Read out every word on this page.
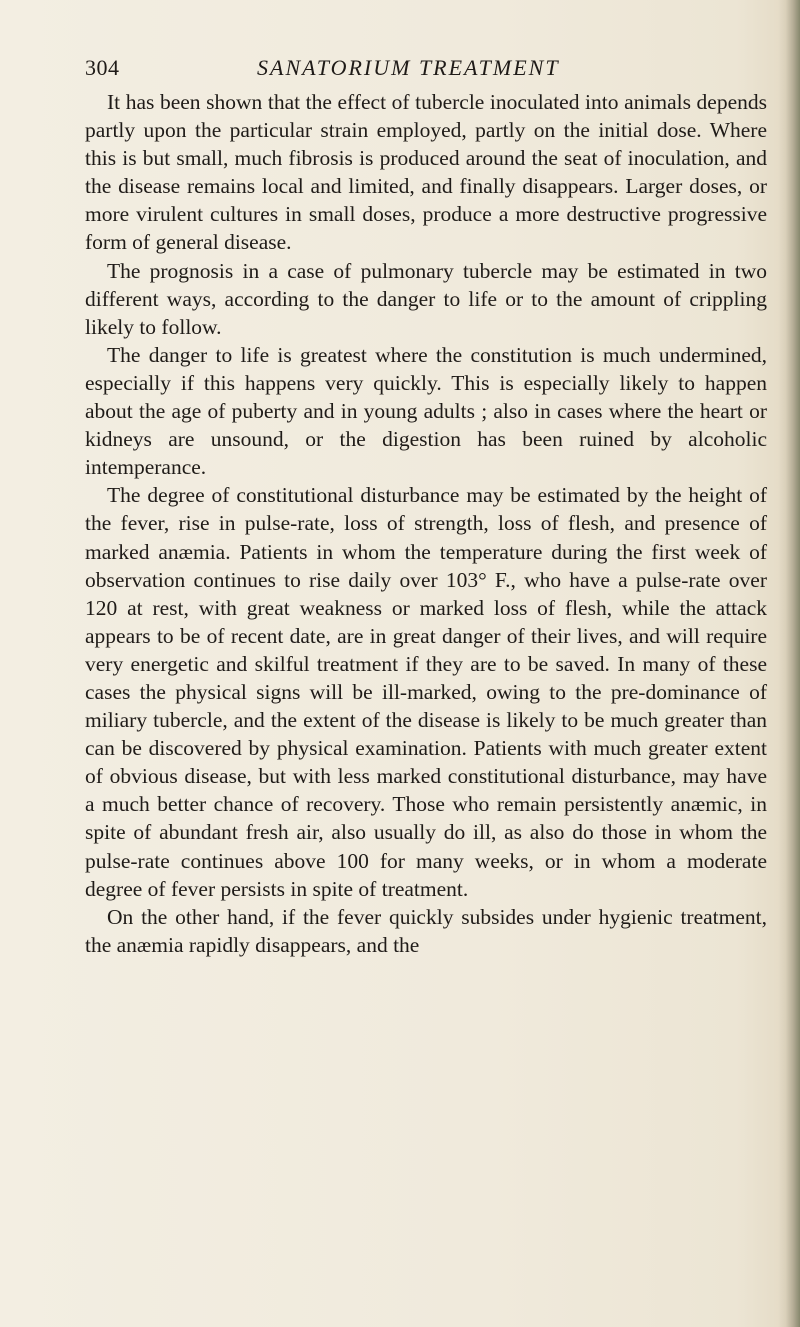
304	SANATORIUM TREATMENT

It has been shown that the effect of tubercle inoculated into animals depends partly upon the particular strain employed, partly on the initial dose. Where this is but small, much fibrosis is produced around the seat of inoculation, and the disease remains local and limited, and finally disappears. Larger doses, or more virulent cultures in small doses, produce a more destructive progressive form of general disease.

The prognosis in a case of pulmonary tubercle may be estimated in two different ways, according to the danger to life or to the amount of crippling likely to follow.

The danger to life is greatest where the constitution is much undermined, especially if this happens very quickly. This is especially likely to happen about the age of puberty and in young adults ; also in cases where the heart or kidneys are unsound, or the digestion has been ruined by alcoholic intemperance.

The degree of constitutional disturbance may be estimated by the height of the fever, rise in pulse-rate, loss of strength, loss of flesh, and presence of marked anæmia. Patients in whom the temperature during the first week of observation continues to rise daily over 103° F., who have a pulse-rate over 120 at rest, with great weakness or marked loss of flesh, while the attack appears to be of recent date, are in great danger of their lives, and will require very energetic and skilful treatment if they are to be saved. In many of these cases the physical signs will be ill-marked, owing to the pre-dominance of miliary tubercle, and the extent of the disease is likely to be much greater than can be discovered by physical examination. Patients with much greater extent of obvious disease, but with less marked constitutional disturbance, may have a much better chance of recovery. Those who remain persistently anæmic, in spite of abundant fresh air, also usually do ill, as also do those in whom the pulse-rate continues above 100 for many weeks, or in whom a moderate degree of fever persists in spite of treatment.

On the other hand, if the fever quickly subsides under hygienic treatment, the anæmia rapidly disappears, and the
